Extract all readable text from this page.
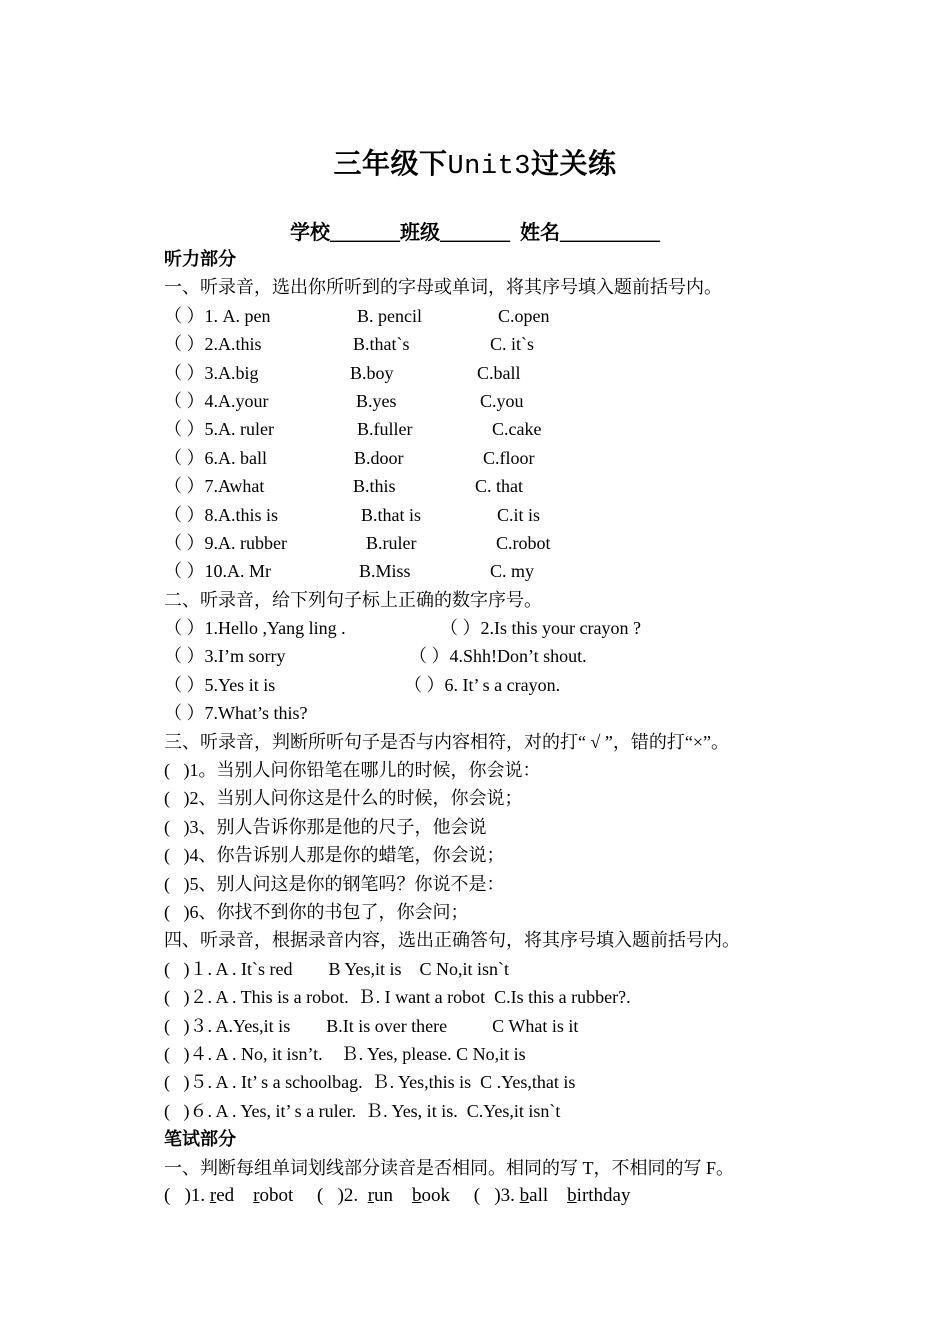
三年级下Unit3过关练
学校_______班级_______  姓名__________
听力部分
一、听录音，选出你所听到的字母或单词，将其序号填入题前括号内。
（ ）1. A. pen	B. pencil	C.open
（ ）2.A.this	B.that`s	C. it`s
（ ）3.A.big	B.boy	C.ball
（ ）4.A.your	B.yes	C.you
（ ）5.A. ruler	B.fuller	C.cake
（ ）6.A. ball	B.door	C.floor
（ ）7.Awhat	B.this	C. that
（ ）8.A.this is	B.that is	C.it is
（ ）9.A. rubber	B.ruler	C.robot
（ ）10.A. Mr	B.Miss	C. my
二、听录音，给下列句子标上正确的数字序号。
（ ）1.Hello ,Yang ling .	（ ）2.Is this your crayon ?
（ ）3.I’m sorry	（ ）4.Shh!Don’t shout.
（ ）5.Yes it is	（ ）6. It’ s a crayon.
（ ）7.What’s this?
三、听录音，判断所听句子是否与内容相符，对的打“ √ ”，错的打“×”。
(   )1。当别人问你铅笔在哪儿的时候，你会说：
(   )2、当别人问你这是什么的时候，你会说；
(   )3、别人告诉你那是他的尺子，他会说
(   )4、你告诉别人那是你的蜡笔，你会说；
(   )5、别人问这是你的钢笔吗？你说不是：
(   )6、你找不到你的书包了，你会问；
四、听录音，根据录音内容，选出正确答句，将其序号填入题前括号内。
(   )１. A . It`s red        B Yes,it is    C No,it isn`t
(   )２. A . This is a robot.  Ｂ. I want a robot  C.Is this a rubber?.
(   )３. A.Yes,it is        B.It is over there          C What is it
(   )４. A . No, it isn’t.    Ｂ. Yes, please. C No,it is
(   )５. A . It’ s a schoolbag.  Ｂ. Yes,this is  C .Yes,that is
(   )６. A . Yes, it’ s a ruler.  Ｂ. Yes, it is.  C.Yes,it isn`t
笔试部分
一、判断每组单词划线部分读音是否相同。相同的写 T，不相同的写 F。
(   )1. red robot (   )2.  run book (   )3. ball birthday
